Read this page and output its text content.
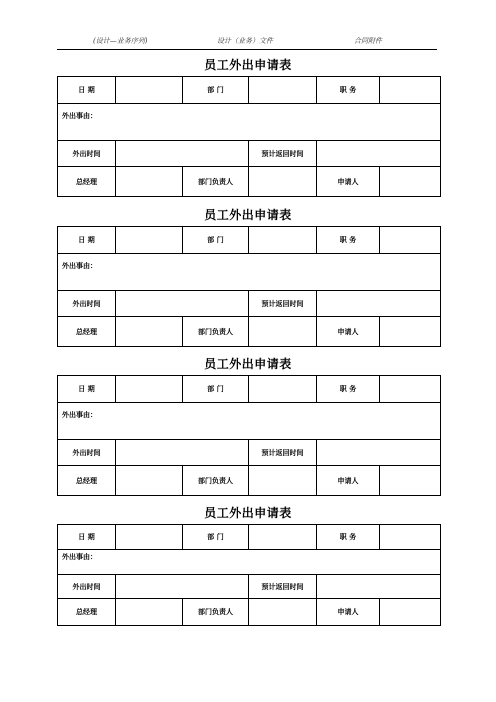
(设计—业务序列)	设计（业务）文件	合同附件
员工外出申请表
日 期		部 门		职 务	
外出事由：					
外出时间			预计返回时间		
总经理		部门负责人		申请人	
员工外出申请表
日 期		部 门		职 务	
外出事由：					
外出时间			预计返回时间		
总经理		部门负责人		申请人	
员工外出申请表
日 期		部 门		职 务	
外出事由：					
外出时间			预计返回时间		
总经理		部门负责人		申请人	
员工外出申请表
日 期		部 门		职 务	
外出事由：					
外出时间			预计返回时间		
总经理		部门负责人		申请人	
